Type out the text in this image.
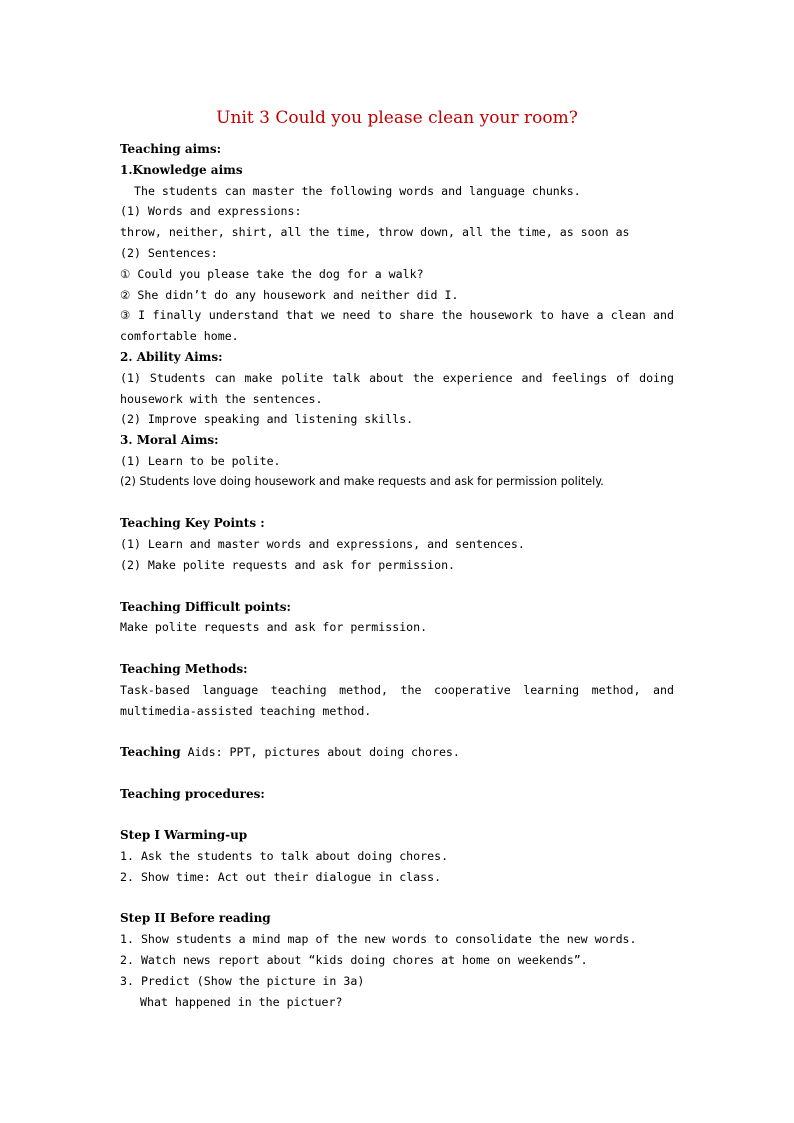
Unit 3 Could you please clean your room?

Teaching aims:

1.Knowledge aims

The students can master the following words and language chunks.

(1) Words and expressions:

throw, neither, shirt, all the time, throw down, all the time, as soon as

(2) Sentences:

① Could you please take the dog for a walk?

② She didn’t do any housework and neither did I.

③ I finally understand that we need to share the housework to have a clean and comfortable home.

2. Ability Aims:

(1) Students can make polite talk about the experience and feelings of doing housework with the sentences.

(2) Improve speaking and listening skills.

3. Moral Aims:

(1) Learn to be polite.

(2) Students love doing housework and make requests and ask for permission politely.

Teaching Key Points :

(1) Learn and master words and expressions, and sentences.

(2) Make polite requests and ask for permission.

Teaching Difficult points:

Make polite requests and ask for permission.

Teaching Methods:

Task-based language teaching method, the cooperative learning method, and multimedia-assisted teaching method.

Teaching Aids: PPT, pictures about doing chores.

Teaching procedures:

Step I Warming-up

1. Ask the students to talk about doing chores.

2. Show time: Act out their dialogue in class.

Step II Before reading

1. Show students a mind map of the new words to consolidate the new words.

2. Watch news report about “kids doing chores at home on weekends”.

3. Predict (Show the picture in 3a)

What happened in the pictuer?
